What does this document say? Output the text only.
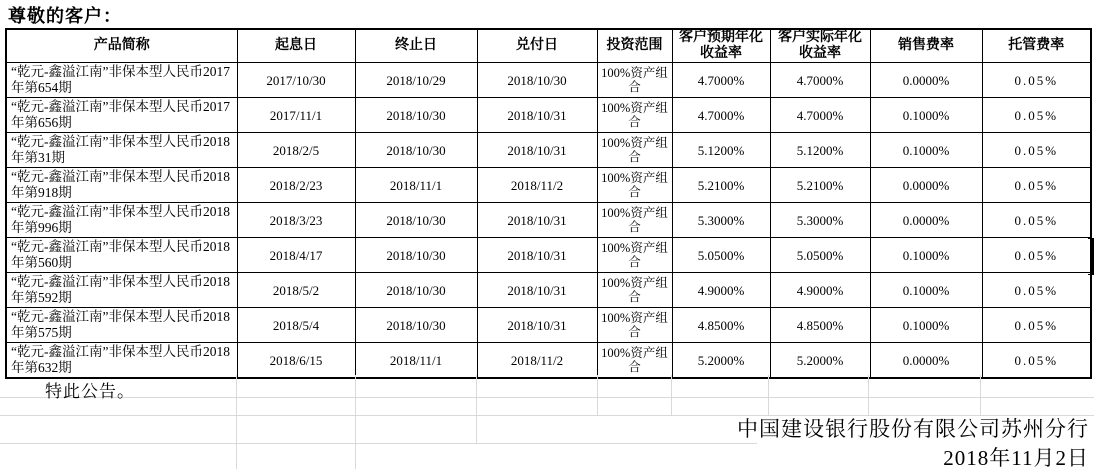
尊敬的客户：
产品简称	起息日	终止日	兑付日	投资范围	客户预期年化收益率	客户实际年化收益率	销售费率	托管费率
“乾元-鑫溢江南”非保本型人民币2017年第654期	2017/10/30	2018/10/29	2018/10/30	100%资产组合	4.7000%	4.7000%	0.0000%	0.05%
“乾元-鑫溢江南”非保本型人民币2017年第656期	2017/11/1	2018/10/30	2018/10/31	100%资产组合	4.7000%	4.7000%	0.1000%	0.05%
“乾元-鑫溢江南”非保本型人民币2018年第31期	2018/2/5	2018/10/30	2018/10/31	100%资产组合	5.1200%	5.1200%	0.1000%	0.05%
“乾元-鑫溢江南”非保本型人民币2018年第918期	2018/2/23	2018/11/1	2018/11/2	100%资产组合	5.2100%	5.2100%	0.0000%	0.05%
“乾元-鑫溢江南”非保本型人民币2018年第996期	2018/3/23	2018/10/30	2018/10/31	100%资产组合	5.3000%	5.3000%	0.0000%	0.05%
“乾元-鑫溢江南”非保本型人民币2018年第560期	2018/4/17	2018/10/30	2018/10/31	100%资产组合	5.0500%	5.0500%	0.1000%	0.05%
“乾元-鑫溢江南”非保本型人民币2018年第592期	2018/5/2	2018/10/30	2018/10/31	100%资产组合	4.9000%	4.9000%	0.1000%	0.05%
“乾元-鑫溢江南”非保本型人民币2018年第575期	2018/5/4	2018/10/30	2018/10/31	100%资产组合	4.8500%	4.8500%	0.1000%	0.05%
“乾元-鑫溢江南”非保本型人民币2018年第632期	2018/6/15	2018/11/1	2018/11/2	100%资产组合	5.2000%	5.2000%	0.0000%	0.05%
特此公告。
中国建设银行股份有限公司苏州分行
2018年11月2日
